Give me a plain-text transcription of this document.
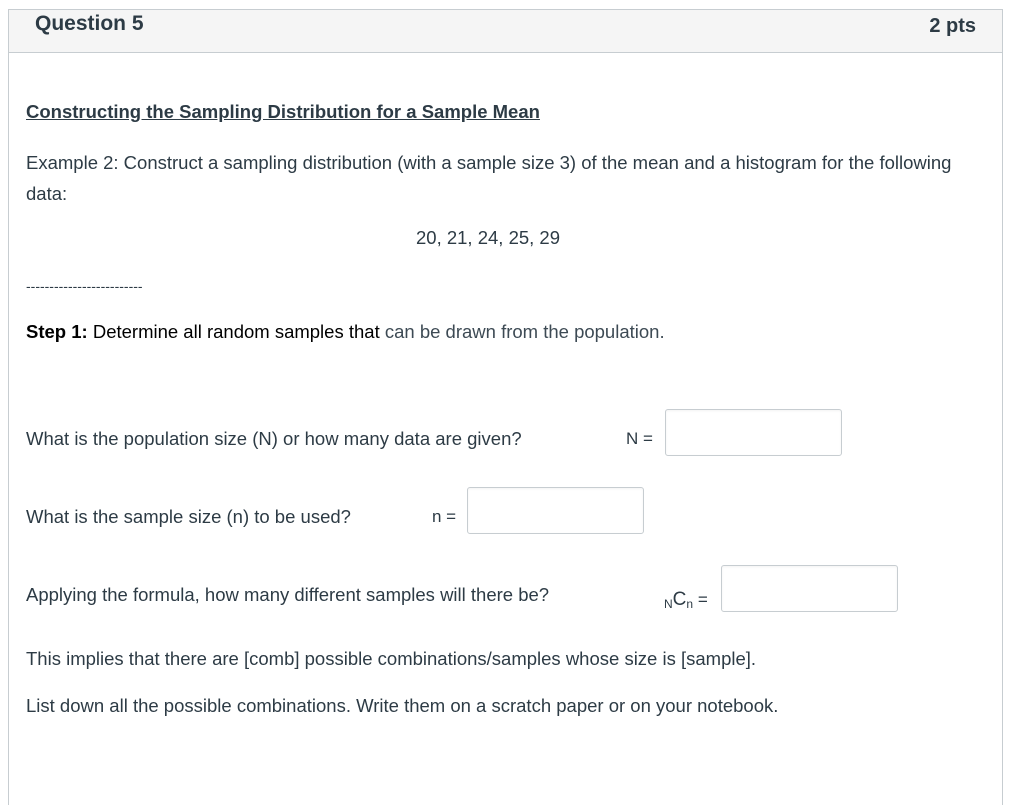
Question 5	2 pts
Constructing the Sampling Distribution for a Sample Mean
Example 2: Construct a sampling distribution (with a sample size 3) of the mean and a histogram for the following data:
20, 21, 24, 25, 29
-------------------------
Step 1: Determine all random samples that can be drawn from the population.
What is the population size (N) or how many data are given?	N =
What is the sample size (n) to be used?	n =
Applying the formula, how many different samples will there be?	$_NC_n$ =
This implies that there are [comb] possible combinations/samples whose size is [sample].
List down all the possible combinations. Write them on a scratch paper or on your notebook.
